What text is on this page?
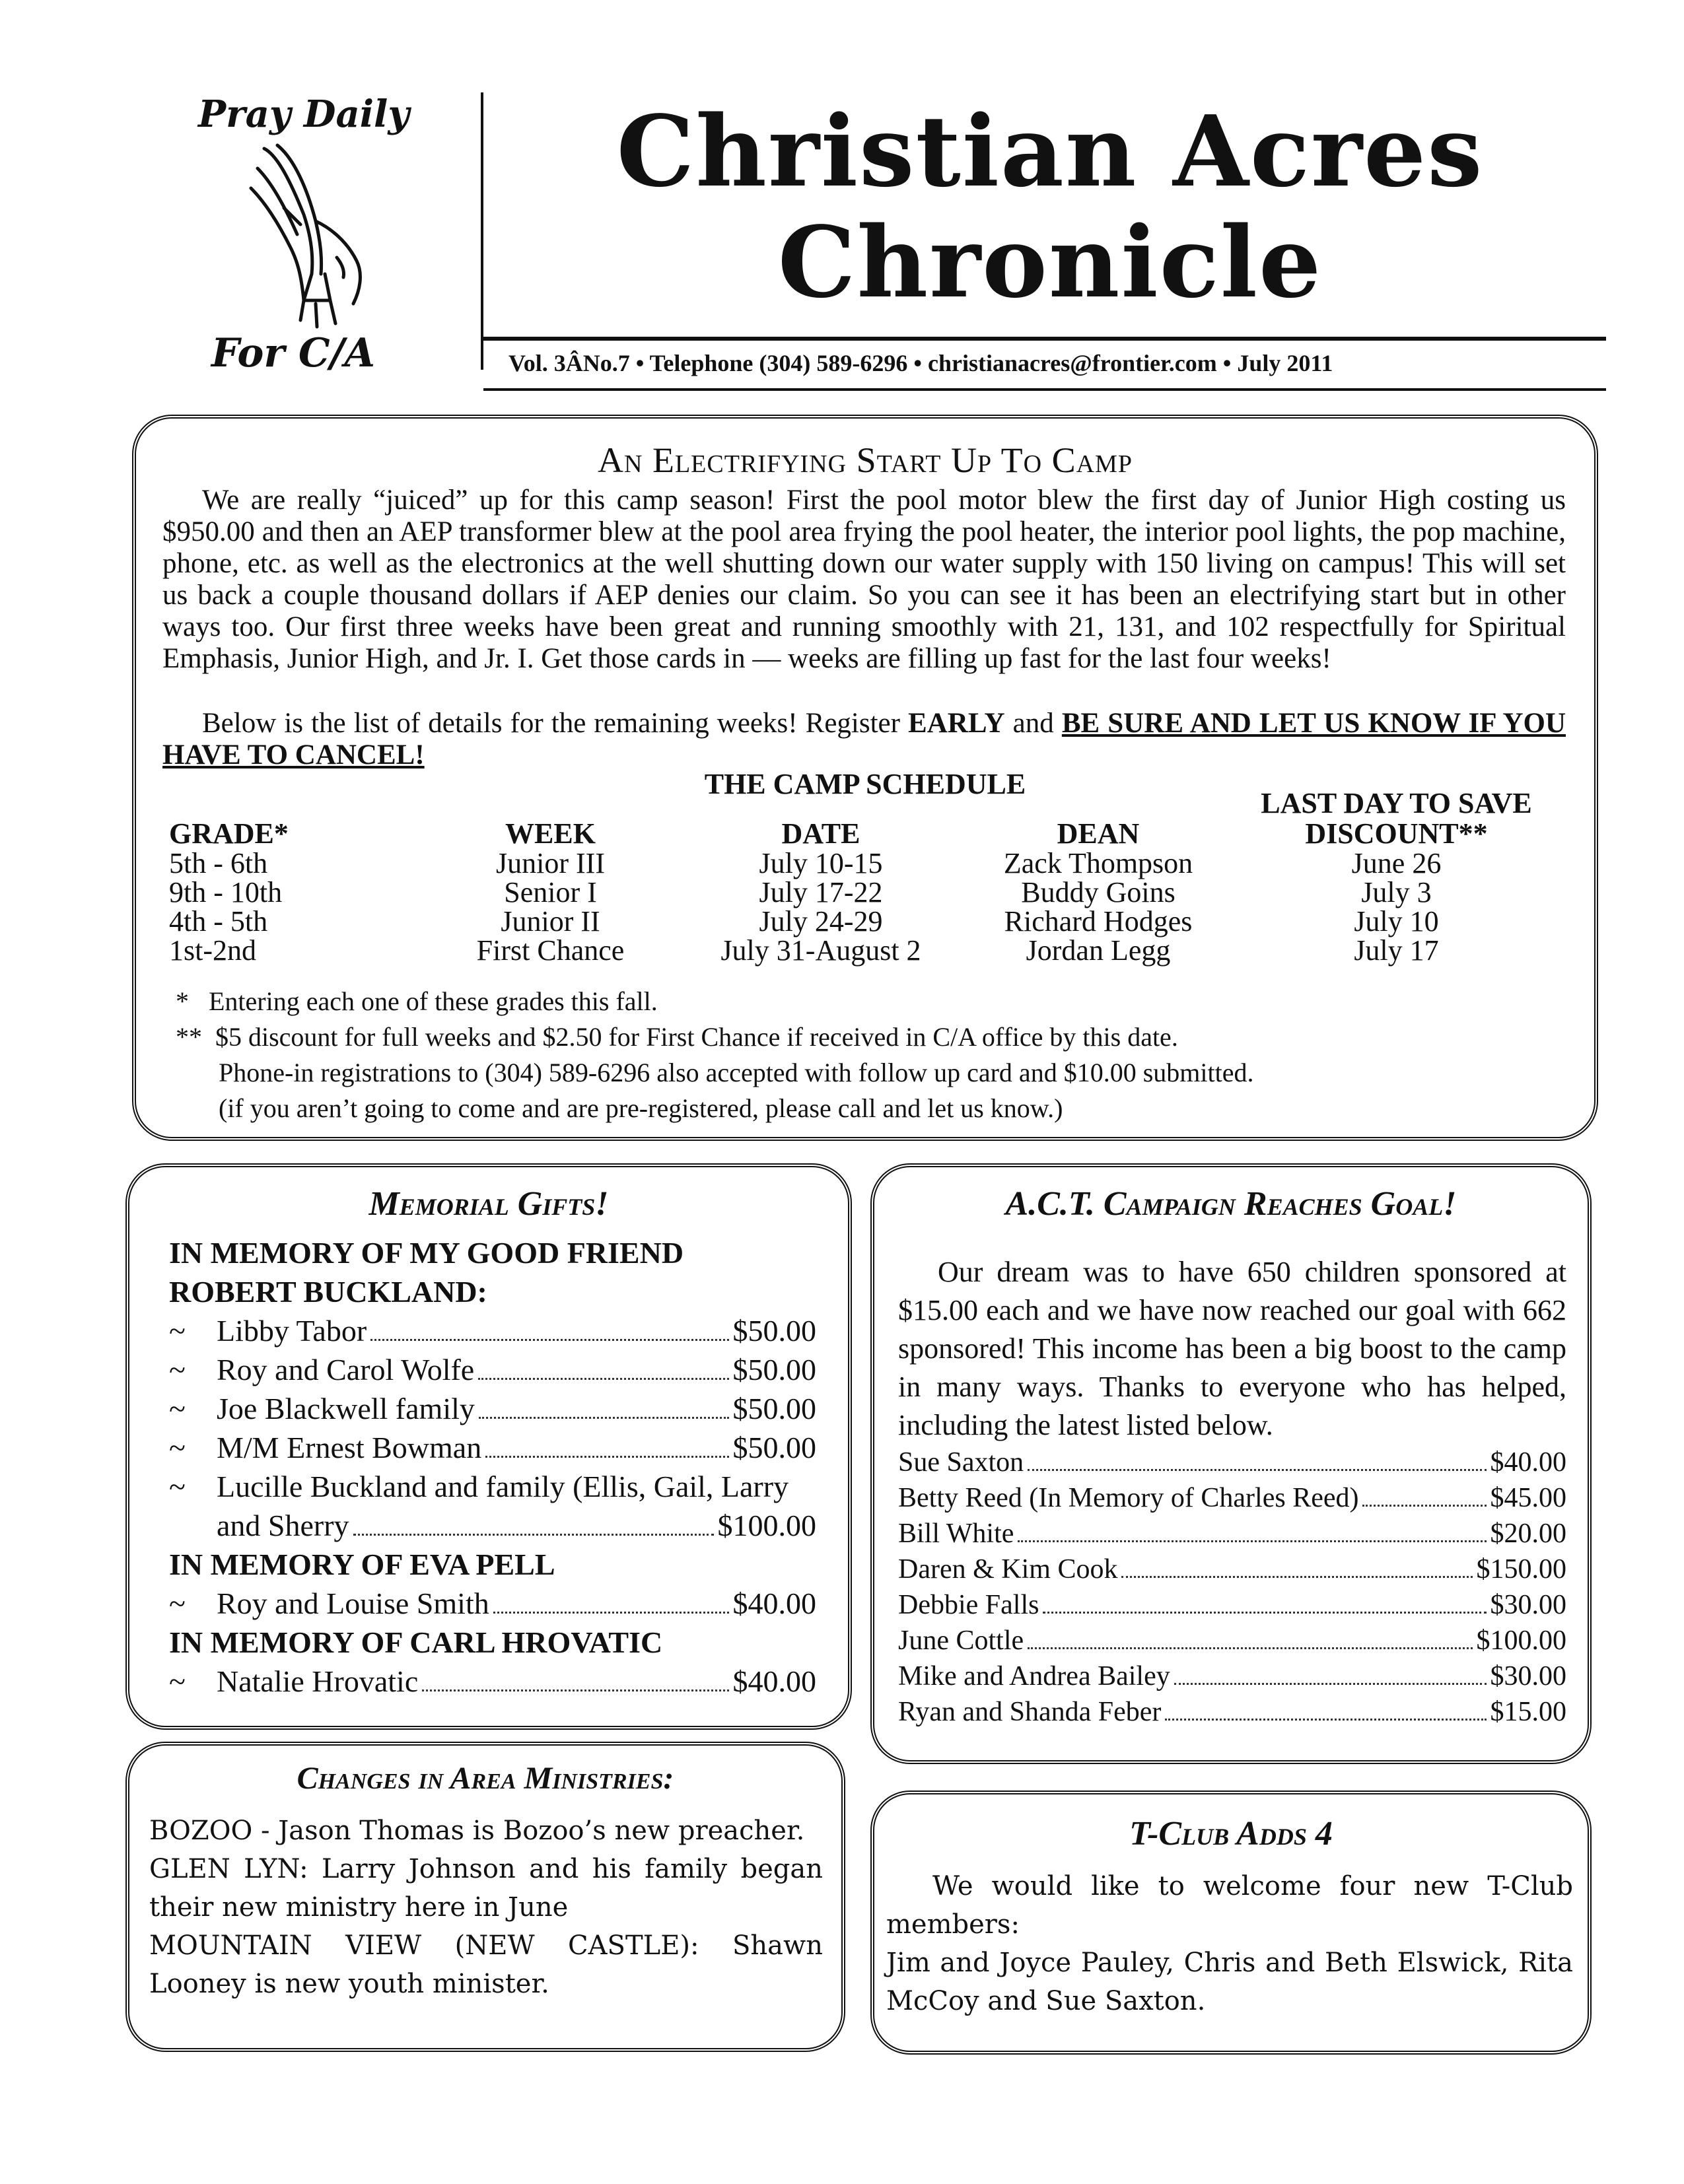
Pray Daily
For C/A
Christian Acres
Chronicle
Vol. 3ÂNo.7 • Telephone (304) 589-6296 • christianacres@frontier.com • July 2011
An Electrifying Start Up To Camp
We are really “juiced” up for this camp season! First the pool motor blew the first day of Junior High costing us $950.00 and then an AEP transformer blew at the pool area frying the pool heater, the interior pool lights, the pop machine, phone, etc. as well as the electronics at the well shutting down our water supply with 150 living on campus! This will set us back a couple thousand dollars if AEP denies our claim. So you can see it has been an electrifying start but in other ways too. Our first three weeks have been great and running smoothly with 21, 131, and 102 respectfully for Spiritual Emphasis, Junior High, and Jr. I. Get those cards in — weeks are filling up fast for the last four weeks!
Below is the list of details for the remaining weeks! Register EARLY and BE SURE AND LET US KNOW IF YOU HAVE TO CANCEL!
THE CAMP SCHEDULE
GRADE*	WEEK	DATE	DEAN	LAST DAY TO SAVE DISCOUNT**
5th - 6th	Junior III	July 10-15	Zack Thompson	June 26
9th - 10th	Senior I	July 17-22	Buddy Goins	July 3
4th - 5th	Junior II	July 24-29	Richard Hodges	July 10
1st-2nd	First Chance	July 31-August 2	Jordan Legg	July 17
*   Entering each one of these grades this fall.
**  $5 discount for full weeks and $2.50 for First Chance if received in C/A office by this date.
Phone-in registrations to (304) 589-6296 also accepted with follow up card and $10.00 submitted.
(if you aren’t going to come and are pre-registered, please call and let us know.)
Memorial Gifts!
IN MEMORY OF MY GOOD FRIEND ROBERT BUCKLAND:
~	Libby Tabor	$50.00
~	Roy and Carol Wolfe	$50.00
~	Joe Blackwell family	$50.00
~	M/M Ernest Bowman	$50.00
~	Lucille Buckland and family (Ellis, Gail, Larry
and Sherry	$100.00
IN MEMORY OF EVA PELL
~	Roy and Louise Smith	$40.00
IN MEMORY OF CARL HROVATIC
~	Natalie Hrovatic	$40.00
A.C.T. Campaign Reaches Goal!
Our dream was to have 650 children sponsored at $15.00 each and we have now reached our goal with 662 sponsored! This income has been a big boost to the camp in many ways. Thanks to everyone who has helped, including the latest listed below.
Sue Saxton	$40.00
Betty Reed (In Memory of Charles Reed)	$45.00
Bill White	$20.00
Daren & Kim Cook	$150.00
Debbie Falls	$30.00
June Cottle	$100.00
Mike and Andrea Bailey	$30.00
Ryan and Shanda Feber	$15.00
Changes in Area Ministries:
BOZOO - Jason Thomas is Bozoo’s new preacher.
GLEN LYN: Larry Johnson and his family began their new ministry here in June
MOUNTAIN VIEW (NEW CASTLE): Shawn Looney is new youth minister.
T-Club Adds 4
We would like to welcome four new T-Club members:
Jim and Joyce Pauley, Chris and Beth Elswick, Rita McCoy and Sue Saxton.
